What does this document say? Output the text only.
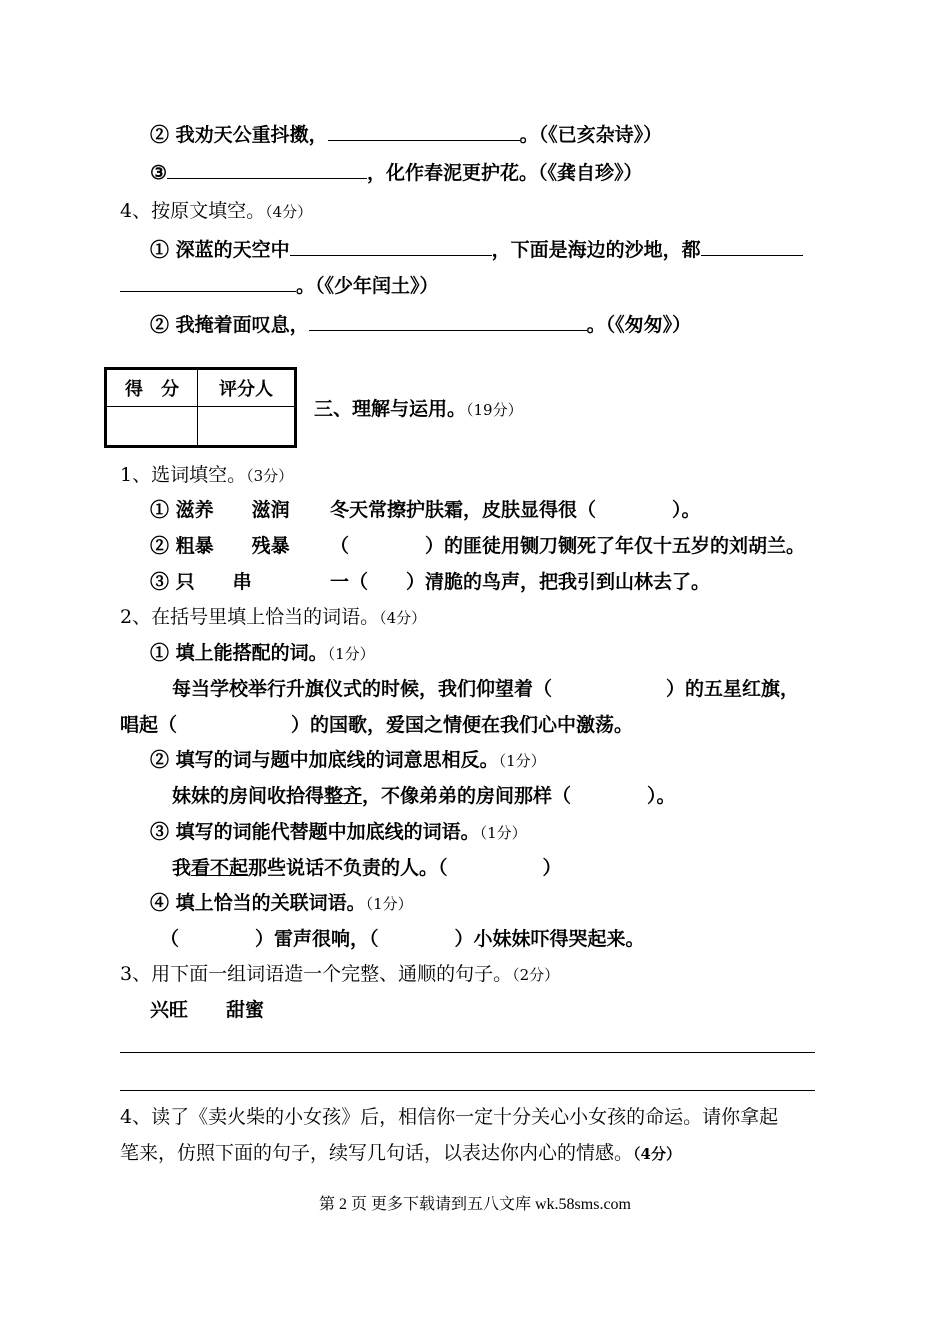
② 我劝天公重抖擞，	。（《已亥杂诗》）
③	，化作春泥更护花。（《龚自珍》）
4、按原文填空。（4分）
① 深蓝的天空中	，下面是海边的沙地，都
。（《少年闰土》）
② 我掩着面叹息，	。（《匆匆》）
得　分	评分人

三、理解与运用。（19分）
1、选词填空。（3分）
① 滋养　　滋润 冬天常擦护肤霜，皮肤显得很（　　　　）。
② 粗暴　　残暴 （　　　　）的匪徒用铡刀铡死了年仅十五岁的刘胡兰。
③ 只　　串	一（　　）清脆的鸟声，把我引到山林去了。
2、在括号里填上恰当的词语。（4分）
① 填上能搭配的词。（1分）
每当学校举行升旗仪式的时候，我们仰望着（　　　　　　）的五星红旗，
唱起（　　　　　　）的国歌，爱国之情便在我们心中激荡。
② 填写的词与题中加底线的词意思相反。（1分）
妹妹的房间收拾得整齐，不像弟弟的房间那样（　　　　）。
③ 填写的词能代替题中加底线的词语。（1分）
我看不起那些说话不负责的人。（　　　　　）
④ 填上恰当的关联词语。（1分）
（　　　　）雷声很响，（　　　　）小妹妹吓得哭起来。
3、用下面一组词语造一个完整、通顺的句子。（2分）
兴旺　　甜蜜
4、读了《卖火柴的小女孩》后，相信你一定十分关心小女孩的命运。请你拿起
笔来，仿照下面的句子，续写几句话，以表达你内心的情感。（4分）
第 2 页 更多下载请到五八文库 wk.58sms.com
